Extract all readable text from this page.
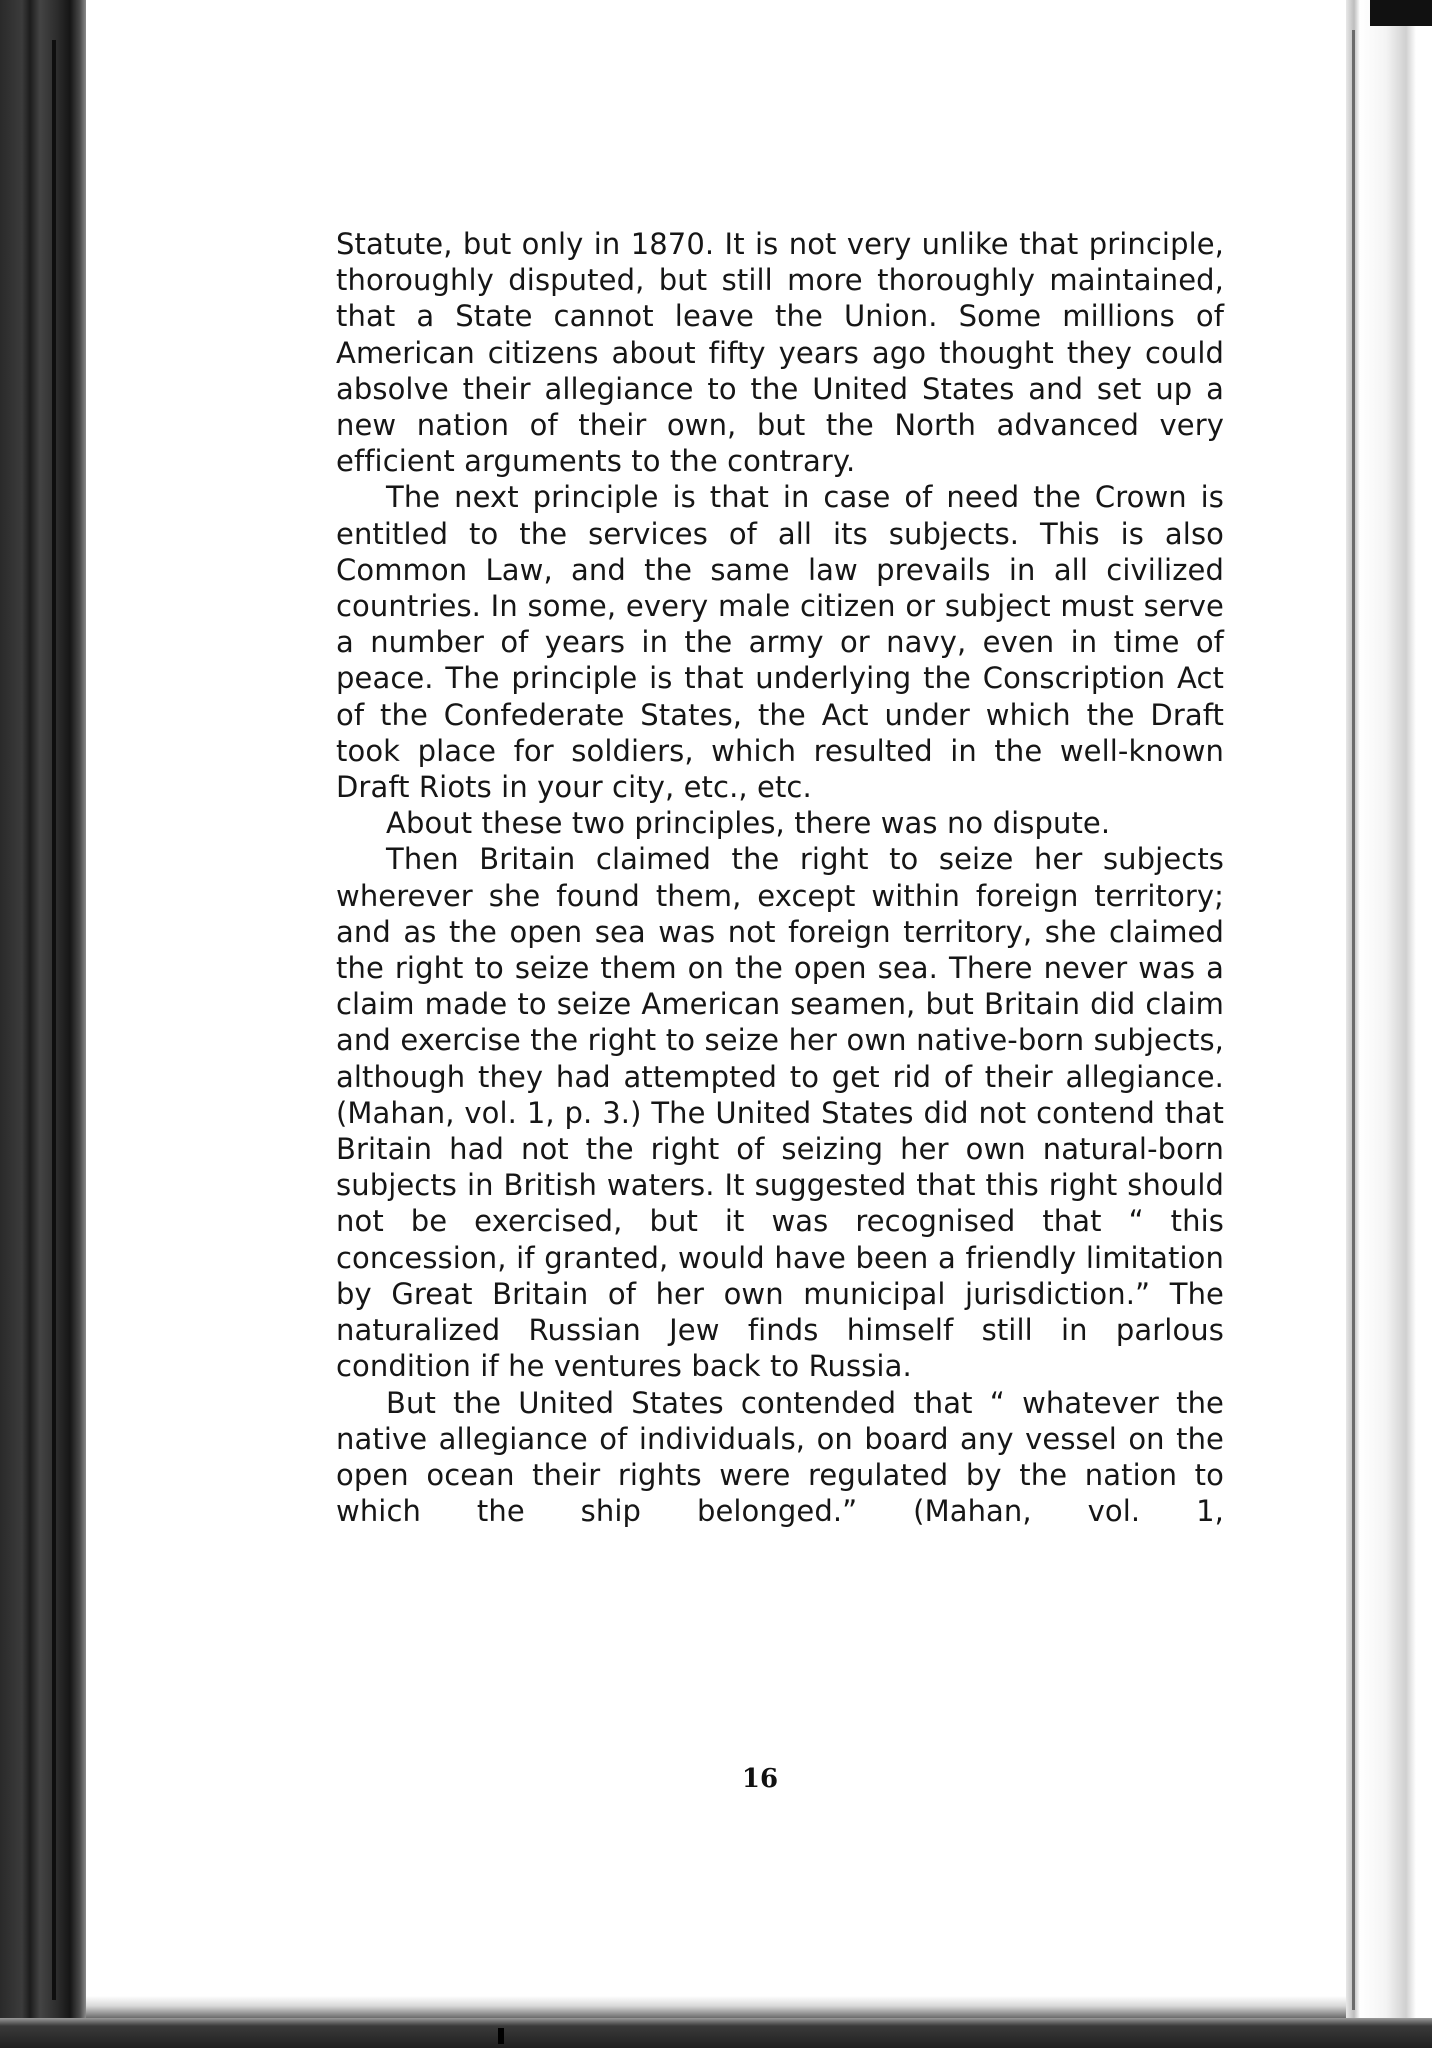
Statute, but only in 1870. It is not very unlike that principle, thoroughly disputed, but still more thoroughly maintained, that a State cannot leave the Union. Some millions of American citizens about fifty years ago thought they could absolve their allegiance to the United States and set up a new nation of their own, but the North advanced very efficient arguments to the contrary.

The next principle is that in case of need the Crown is entitled to the services of all its subjects. This is also Common Law, and the same law prevails in all civilized countries. In some, every male citizen or subject must serve a number of years in the army or navy, even in time of peace. The principle is that underlying the Conscription Act of the Confederate States, the Act under which the Draft took place for soldiers, which resulted in the well-known Draft Riots in your city, etc., etc.

About these two principles, there was no dispute.

Then Britain claimed the right to seize her subjects wherever she found them, except within foreign territory; and as the open sea was not foreign territory, she claimed the right to seize them on the open sea. There never was a claim made to seize American seamen, but Britain did claim and exercise the right to seize her own native-born subjects, although they had attempted to get rid of their allegiance. (Mahan, vol. 1, p. 3.) The United States did not contend that Britain had not the right of seizing her own natural-born subjects in British waters. It suggested that this right should not be exercised, but it was recognised that “ this concession, if granted, would have been a friendly limitation by Great Britain of her own municipal jurisdiction.” The naturalized Russian Jew finds himself still in parlous condition if he ventures back to Russia.

But the United States contended that “ whatever the native allegiance of individuals, on board any vessel on the open ocean their rights were regulated by the nation to which the ship belonged.” (Mahan, vol. 1,

16
